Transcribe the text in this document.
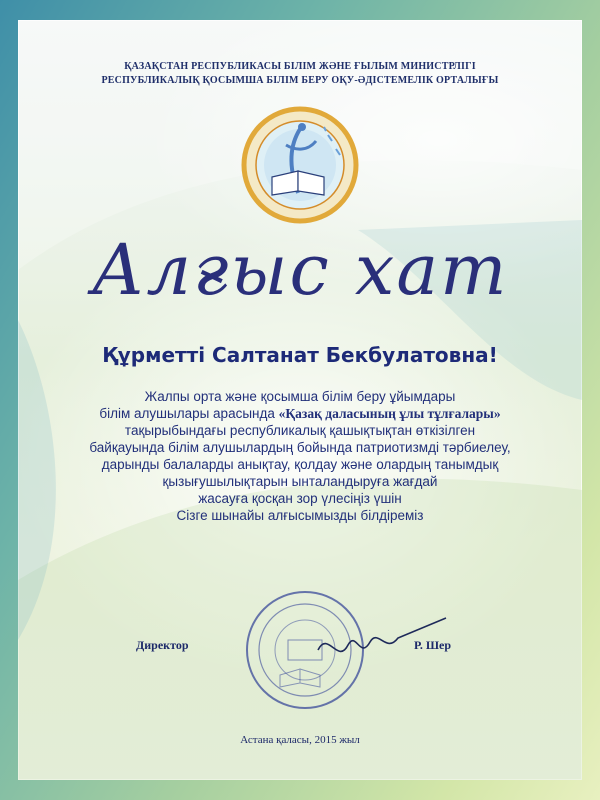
ҚАЗАҚСТАН РЕСПУБЛИКАСЫ БІЛІМ ЖӘНЕ ҒЫЛЫМ МИНИСТРЛІГІ
РЕСПУБЛИКАЛЫҚ ҚОСЫМША БІЛІМ БЕРУ ОҚУ-ӘДІСТЕМЕЛІК ОРТАЛЫҒЫ
Алғыс хат
Құрметті Салтанат Бекбулатовна!
Жалпы орта және қосымша білім беру ұйымдары
білім алушылары арасында «Қазақ даласының ұлы тұлғалары»
тақырыбындағы республикалық қашықтықтан өткізілген
байқауында білім алушылардың бойында патриотизмді тәрбиелеу,
дарынды балаларды анықтау, қолдау және олардың танымдық
қызығушылықтарын ынталандыруға жағдай
жасауға қосқан зор үлесіңіз үшін
Сізге шынайы алғысымызды білдіреміз
Директор	Р. Шер
Астана қаласы, 2015 жыл
